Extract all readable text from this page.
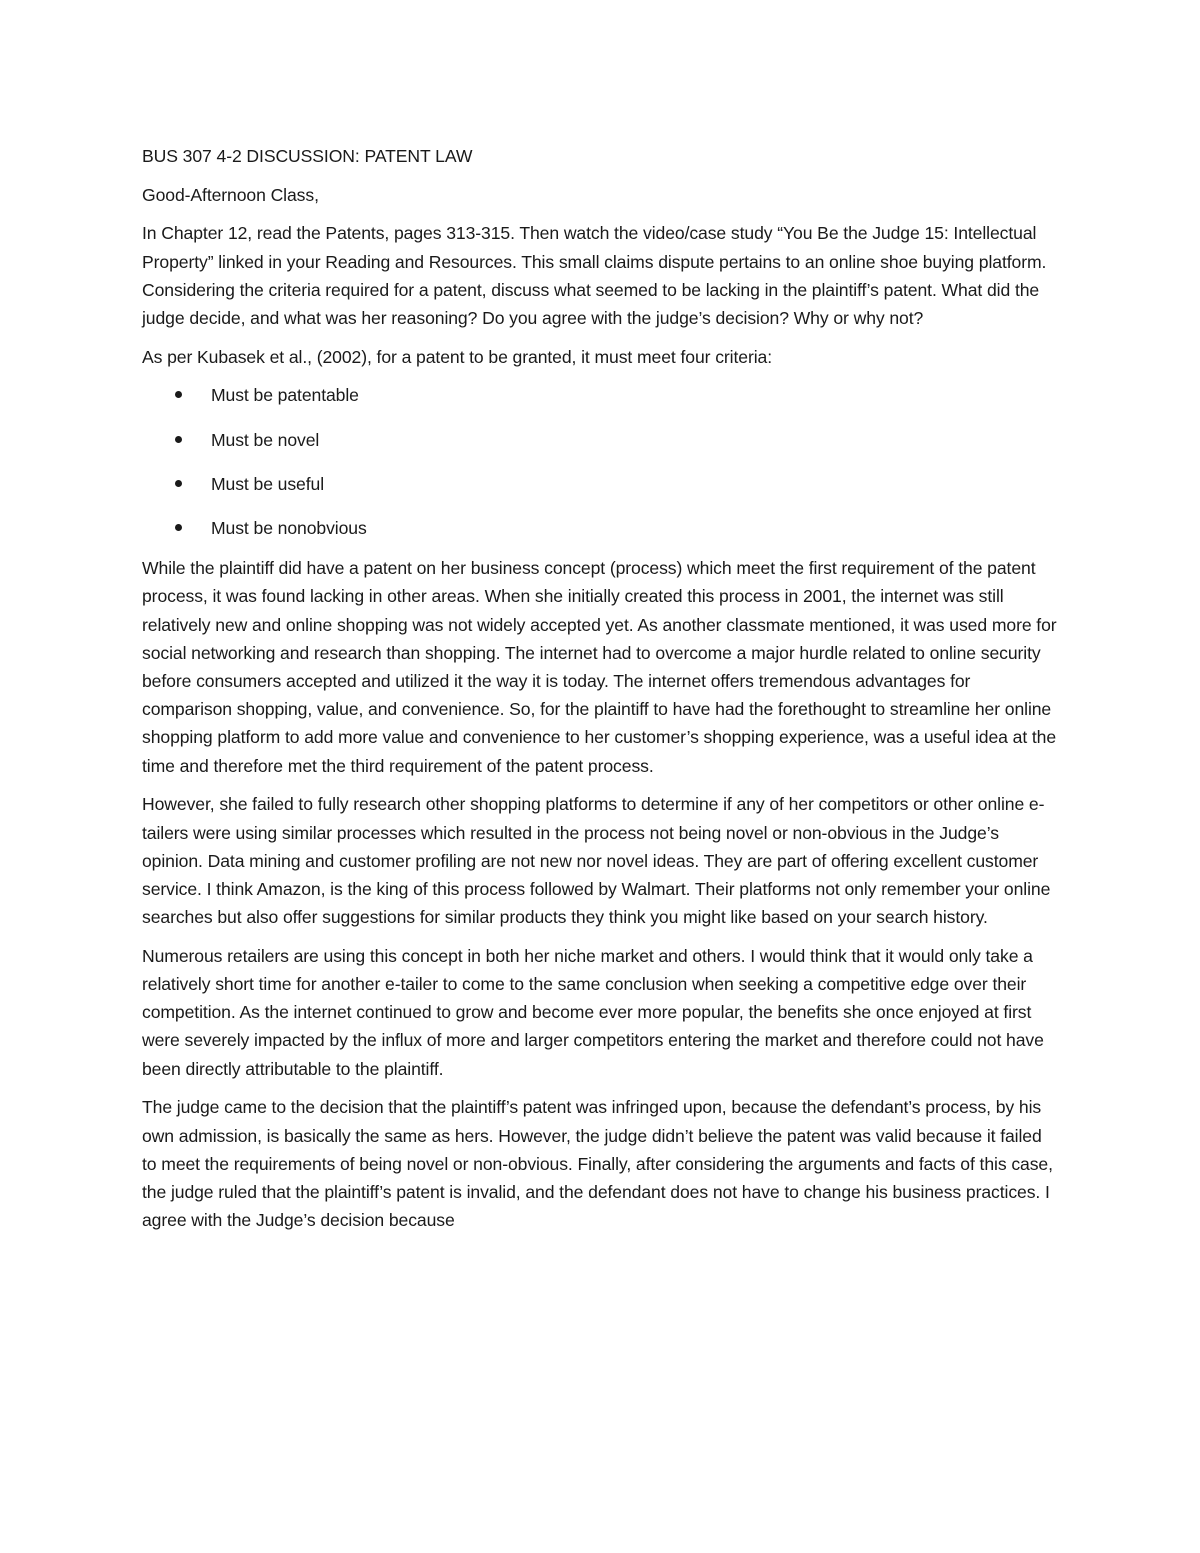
BUS 307 4-2 DISCUSSION: PATENT LAW

Good-Afternoon Class,

In Chapter 12, read the Patents, pages 313-315. Then watch the video/case study “You Be the Judge 15: Intellectual Property” linked in your Reading and Resources. This small claims dispute pertains to an online shoe buying platform. Considering the criteria required for a patent, discuss what seemed to be lacking in the plaintiff’s patent. What did the judge decide, and what was her reasoning? Do you agree with the judge’s decision? Why or why not?

As per Kubasek et al., (2002), for a patent to be granted, it must meet four criteria:

Must be patentable
Must be novel
Must be useful
Must be nonobvious

While the plaintiff did have a patent on her business concept (process) which meet the first requirement of the patent process, it was found lacking in other areas. When she initially created this process in 2001, the internet was still relatively new and online shopping was not widely accepted yet. As another classmate mentioned, it was used more for social networking and research than shopping. The internet had to overcome a major hurdle related to online security before consumers accepted and utilized it the way it is today. The internet offers tremendous advantages for comparison shopping, value, and convenience. So, for the plaintiff to have had the forethought to streamline her online shopping platform to add more value and convenience to her customer’s shopping experience, was a useful idea at the time and therefore met the third requirement of the patent process.

However, she failed to fully research other shopping platforms to determine if any of her competitors or other online e-tailers were using similar processes which resulted in the process not being novel or non-obvious in the Judge’s opinion. Data mining and customer profiling are not new nor novel ideas. They are part of offering excellent customer service. I think Amazon, is the king of this process followed by Walmart. Their platforms not only remember your online searches but also offer suggestions for similar products they think you might like based on your search history.

Numerous retailers are using this concept in both her niche market and others. I would think that it would only take a relatively short time for another e-tailer to come to the same conclusion when seeking a competitive edge over their competition. As the internet continued to grow and become ever more popular, the benefits she once enjoyed at first were severely impacted by the influx of more and larger competitors entering the market and therefore could not have been directly attributable to the plaintiff.

The judge came to the decision that the plaintiff’s patent was infringed upon, because the defendant’s process, by his own admission, is basically the same as hers. However, the judge didn’t believe the patent was valid because it failed to meet the requirements of being novel or non-obvious. Finally, after considering the arguments and facts of this case, the judge ruled that the plaintiff’s patent is invalid, and the defendant does not have to change his business practices. I agree with the Judge’s decision because
